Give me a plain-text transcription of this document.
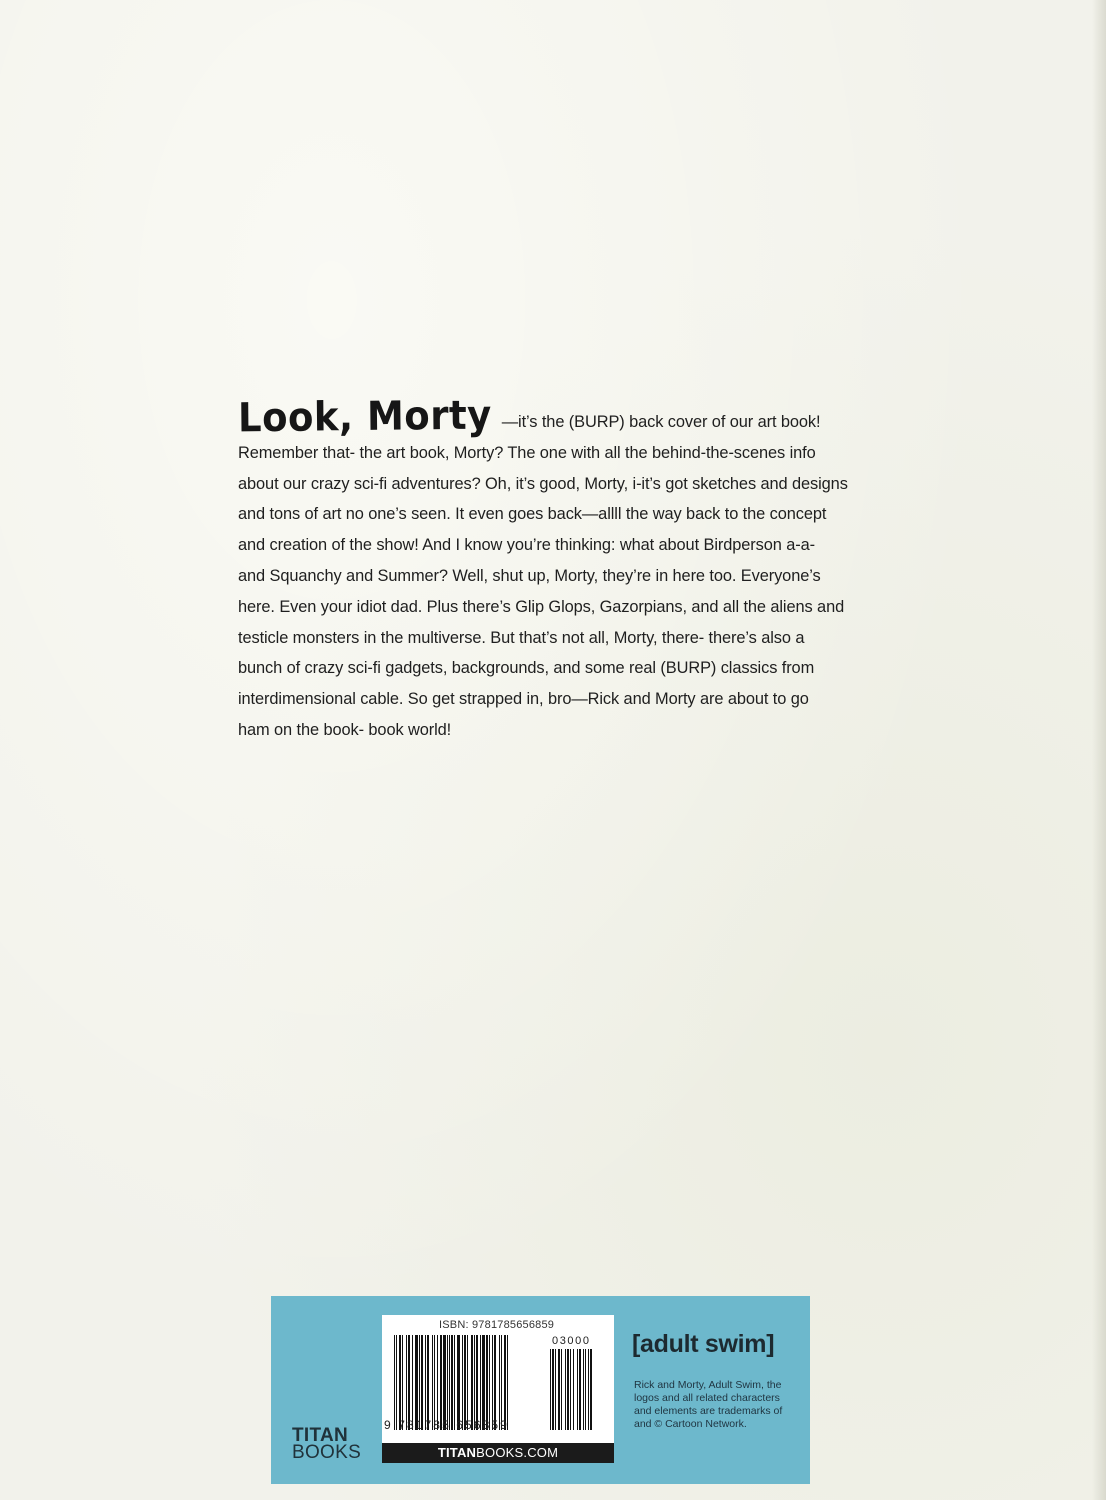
Look, Morty —it’s the (BURP) back cover of our art book!
Remember that- the art book, Morty? The one with all the behind-the-scenes info
about our crazy sci-fi adventures? Oh, it’s good, Morty, i-it’s got sketches and designs
and tons of art no one’s seen. It even goes back—allll the way back to the concept
and creation of the show! And I know you’re thinking: what about Birdperson a-a-
and Squanchy and Summer? Well, shut up, Morty, they’re in here too. Everyone’s
here. Even your idiot dad. Plus there’s Glip Glops, Gazorpians, and all the aliens and
testicle monsters in the multiverse. But that’s not all, Morty, there- there’s also a
bunch of crazy sci-fi gadgets, backgrounds, and some real (BURP) classics from
interdimensional cable. So get strapped in, bro—Rick and Morty are about to go
ham on the book- book world!
TITAN
BOOKS
ISBN: 9781785656859
03000
9 781785 656859
TITANBOOKS.COM
[adult swim]
Rick and Morty, Adult Swim, the logos and all related characters and elements are trademarks of and © Cartoon Network.
